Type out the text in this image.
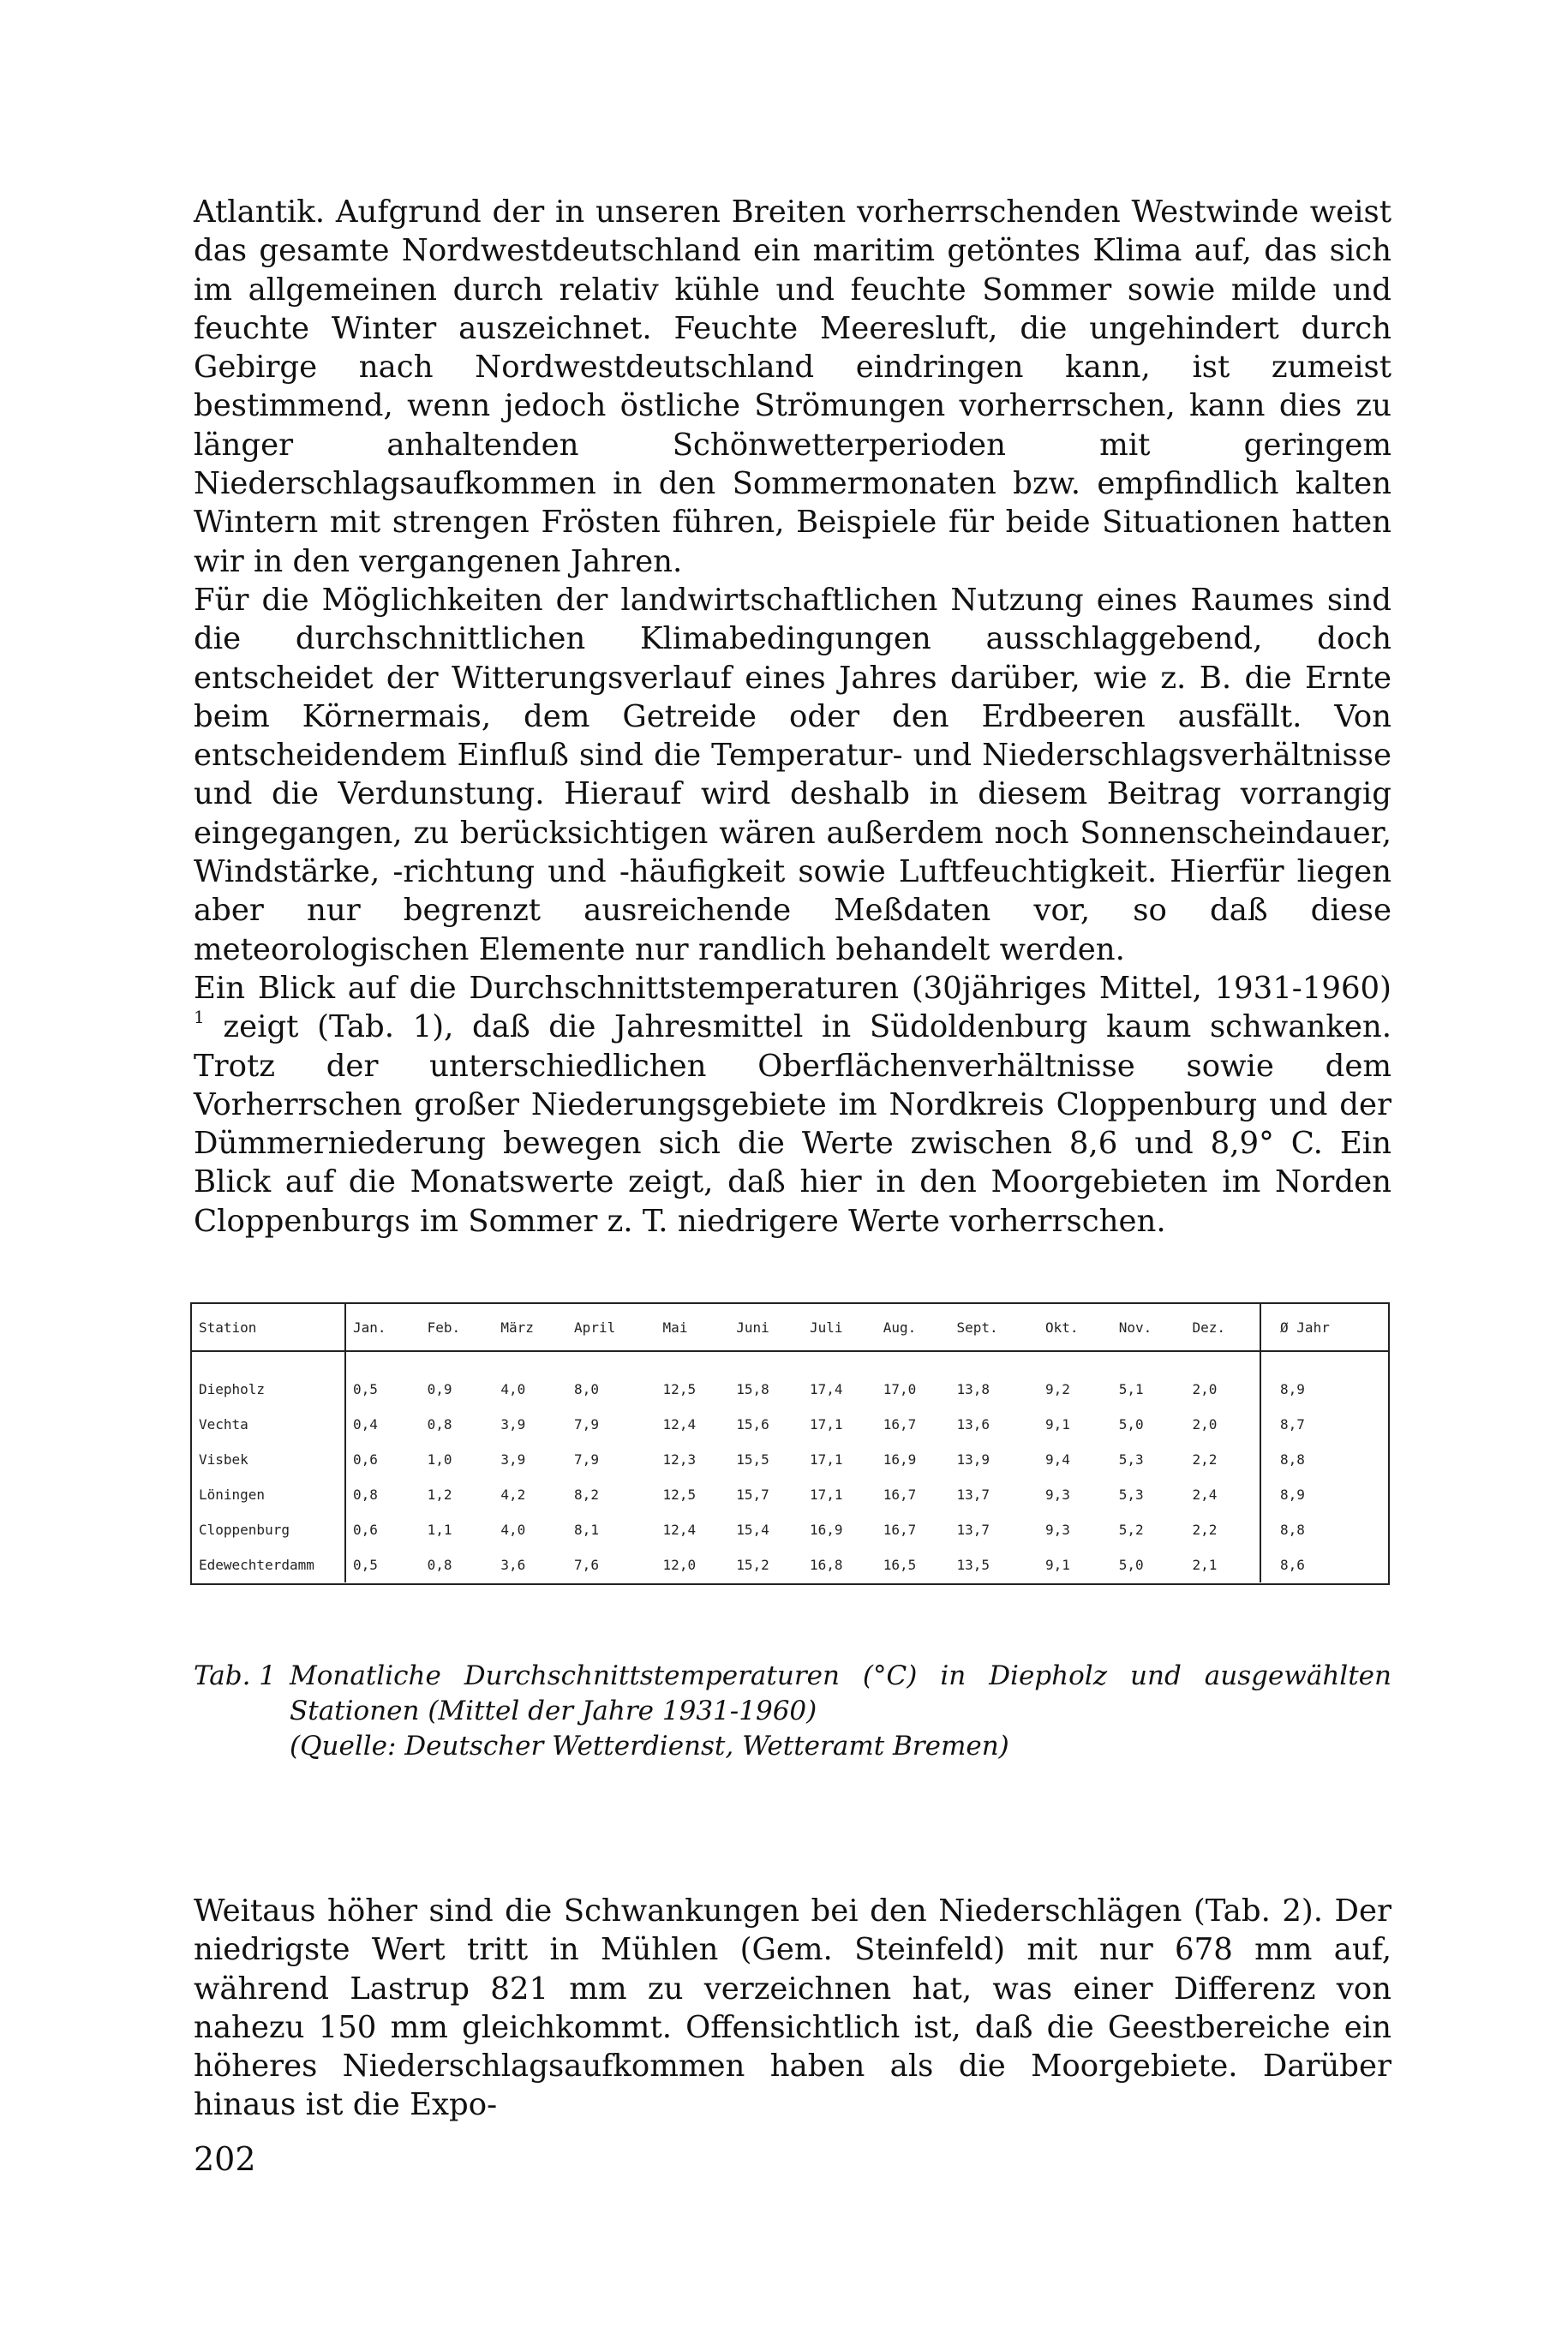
Atlantik. Aufgrund der in unseren Breiten vorherrschenden Westwinde weist das gesamte Nordwestdeutschland ein maritim getöntes Klima auf, das sich im allgemeinen durch relativ kühle und feuchte Sommer sowie milde und feuchte Winter auszeichnet. Feuchte Meeresluft, die ungehindert durch Gebirge nach Nordwestdeutschland eindringen kann, ist zumeist bestimmend, wenn jedoch östliche Strömungen vorherrschen, kann dies zu länger anhaltenden Schönwetterperioden mit geringem Niederschlagsaufkommen in den Sommermonaten bzw. empfindlich kalten Wintern mit strengen Frösten führen, Beispiele für beide Situationen hatten wir in den vergangenen Jahren.

Für die Möglichkeiten der landwirtschaftlichen Nutzung eines Raumes sind die durchschnittlichen Klimabedingungen ausschlaggebend, doch entscheidet der Witterungsverlauf eines Jahres darüber, wie z. B. die Ernte beim Körnermais, dem Getreide oder den Erdbeeren ausfällt. Von entscheidendem Einfluß sind die Temperatur- und Niederschlagsverhältnisse und die Verdunstung. Hierauf wird deshalb in diesem Beitrag vorrangig eingegangen, zu berücksichtigen wären außerdem noch Sonnenscheindauer, Windstärke, -richtung und -häufigkeit sowie Luftfeuchtigkeit. Hierfür liegen aber nur begrenzt ausreichende Meßdaten vor, so daß diese meteorologischen Elemente nur randlich behandelt werden.

Ein Blick auf die Durchschnittstemperaturen (30jähriges Mittel, 1931-1960) $^1$ zeigt (Tab. 1), daß die Jahresmittel in Südoldenburg kaum schwanken. Trotz der unterschiedlichen Oberflächenverhältnisse sowie dem Vorherrschen großer Niederungsgebiete im Nordkreis Cloppenburg und der Dümmerniederung bewegen sich die Werte zwischen 8,6 und 8,9° C. Ein Blick auf die Monatswerte zeigt, daß hier in den Moorgebieten im Norden Cloppenburgs im Sommer z. T. niedrigere Werte vorherrschen.

Station	Jan.	Feb.	März	April	Mai	Juni	Juli	Aug.	Sept.	Okt.	Nov.	Dez.	Ø Jahr
Diepholz	0,5	0,9	4,0	8,0	12,5	15,8	17,4	17,0	13,8	9,2	5,1	2,0	8,9
Vechta	0,4	0,8	3,9	7,9	12,4	15,6	17,1	16,7	13,6	9,1	5,0	2,0	8,7
Visbek	0,6	1,0	3,9	7,9	12,3	15,5	17,1	16,9	13,9	9,4	5,3	2,2	8,8
Löningen	0,8	1,2	4,2	8,2	12,5	15,7	17,1	16,7	13,7	9,3	5,3	2,4	8,9
Cloppenburg	0,6	1,1	4,0	8,1	12,4	15,4	16,9	16,7	13,7	9,3	5,2	2,2	8,8
Edewechterdamm	0,5	0,8	3,6	7,6	12,0	15,2	16,8	16,5	13,5	9,1	5,0	2,1	8,6
Tab. 1 Monatliche Durchschnittstemperaturen (°C) in Diepholz und ausgewählten
Stationen (Mittel der Jahre 1931-1960)
(Quelle: Deutscher Wetterdienst, Wetteramt Bremen)

Weitaus höher sind die Schwankungen bei den Niederschlägen (Tab. 2). Der niedrigste Wert tritt in Mühlen (Gem. Steinfeld) mit nur 678 mm auf, während Lastrup 821 mm zu verzeichnen hat, was einer Differenz von nahezu 150 mm gleichkommt. Offensichtlich ist, daß die Geestbereiche ein höheres Niederschlagsaufkommen haben als die Moorgebiete. Darüber hinaus ist die Expo-

202
